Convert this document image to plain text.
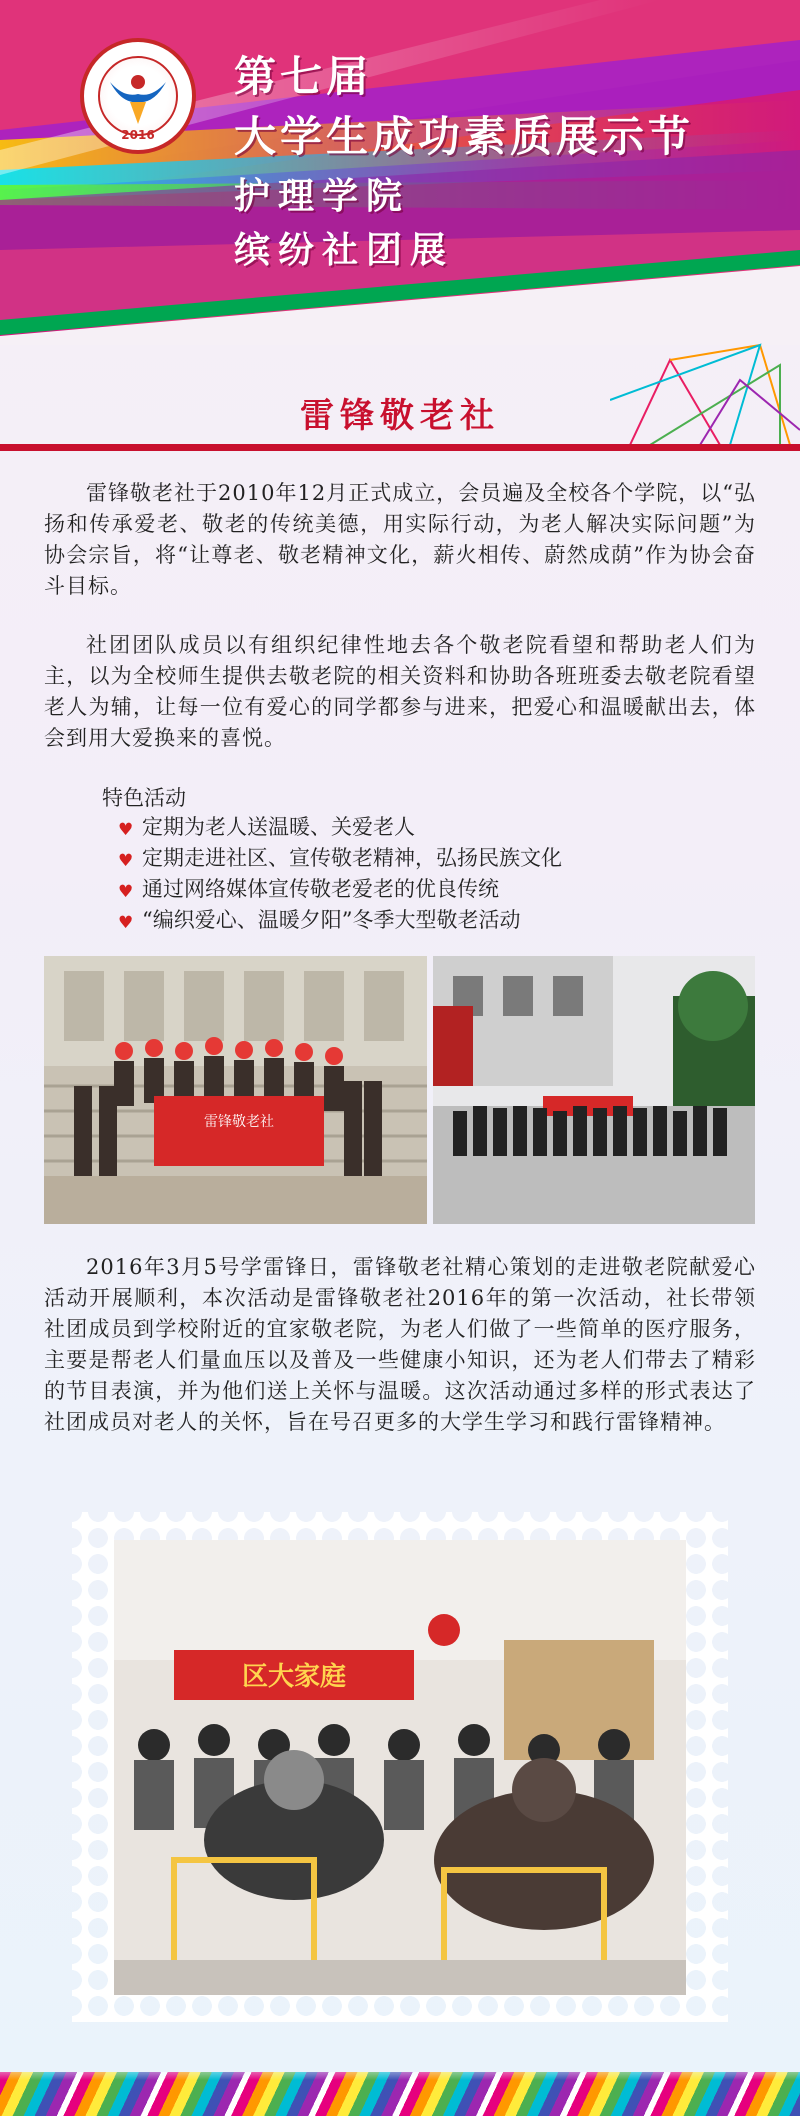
2016
第七届
大学生成功素质展示节
护理学院
缤纷社团展
雷锋敬老社

雷锋敬老社于2010年12月正式成立，会员遍及全校各个学院，以“弘扬和传承爱老、敬老的传统美德，用实际行动，为老人解决实际问题”为协会宗旨，将“让尊老、敬老精神文化，薪火相传、蔚然成荫”作为协会奋斗目标。

社团团队成员以有组织纪律性地去各个敬老院看望和帮助老人们为主，以为全校师生提供去敬老院的相关资料和协助各班班委去敬老院看望老人为辅，让每一位有爱心的同学都参与进来，把爱心和温暖献出去，体会到用大爱换来的喜悦。

特色活动
♥ 定期为老人送温暖、关爱老人
♥ 定期走进社区、宣传敬老精神，弘扬民族文化
♥ 通过网络媒体宣传敬老爱老的优良传统
♥ “编织爱心、温暖夕阳”冬季大型敬老活动
雷锋敬老社

2016年3月5号学雷锋日，雷锋敬老社精心策划的走进敬老院献爱心活动开展顺利，本次活动是雷锋敬老社2016年的第一次活动，社长带领社团成员到学校附近的宜家敬老院，为老人们做了一些简单的医疗服务，主要是帮老人们量血压以及普及一些健康小知识，还为老人们带去了精彩的节目表演，并为他们送上关怀与温暖。这次活动通过多样的形式表达了社团成员对老人的关怀，旨在号召更多的大学生学习和践行雷锋精神。

区大家庭
